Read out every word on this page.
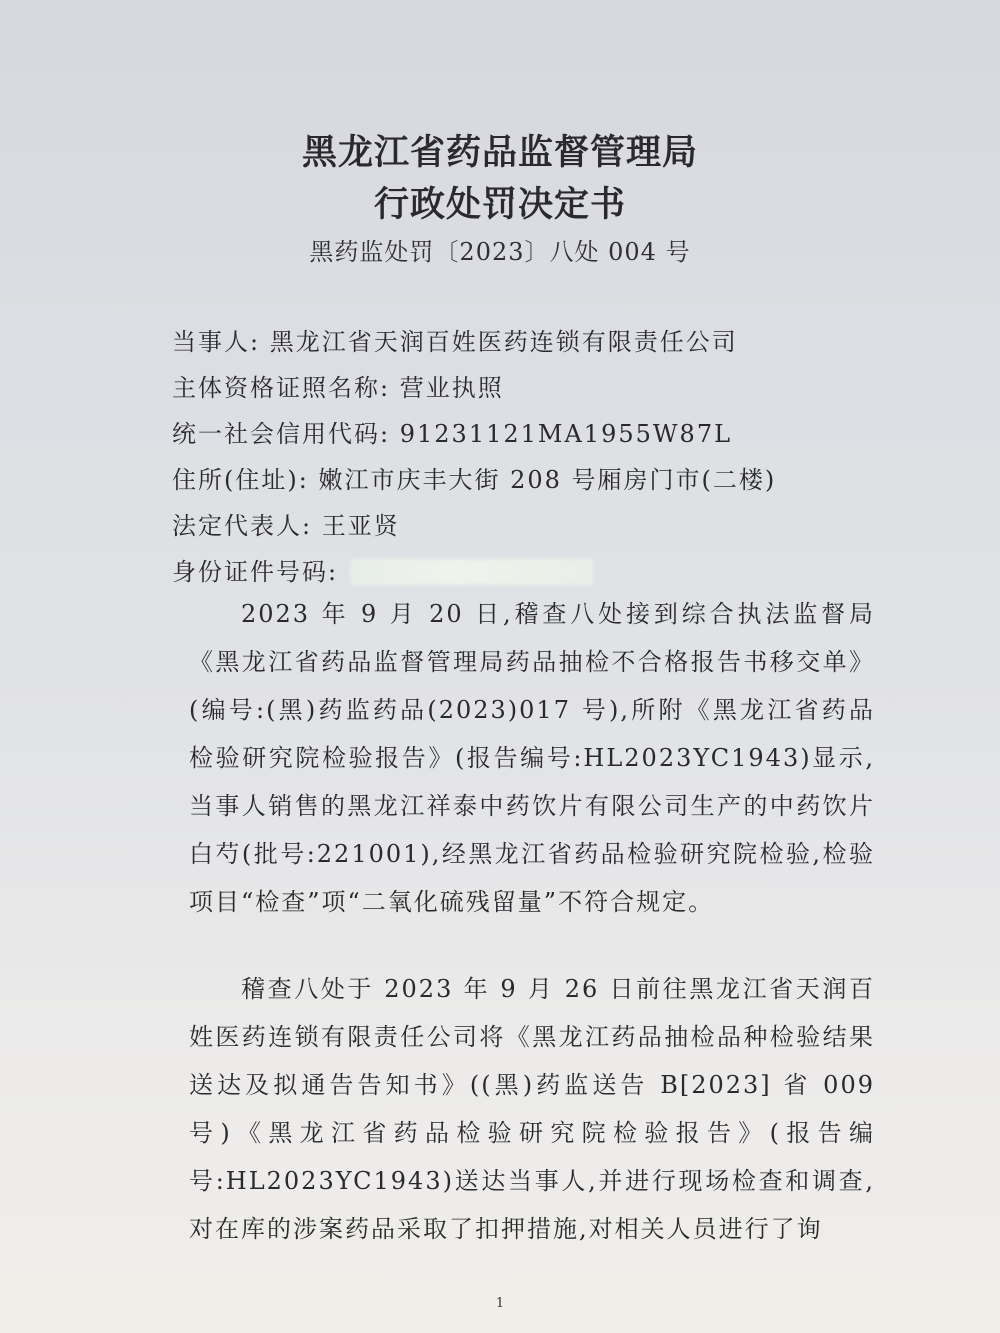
黑龙江省药品监督管理局
行政处罚决定书
黑药监处罚〔2023〕八处 004 号
当事人: 黑龙江省天润百姓医药连锁有限责任公司
主体资格证照名称: 营业执照
统一社会信用代码: 91231121MA1955W87L
住所(住址): 嫩江市庆丰大街 208 号厢房门市(二楼)
法定代表人: 王亚贤
身份证件号码:
2023 年 9 月 20 日,稽查八处接到综合执法监督局《黑龙江省药品监督管理局药品抽检不合格报告书移交单》(编号:(黑)药监药品(2023)017 号),所附《黑龙江省药品检验研究院检验报告》(报告编号:HL2023YC1943)显示,当事人销售的黑龙江祥泰中药饮片有限公司生产的中药饮片白芍(批号:221001),经黑龙江省药品检验研究院检验,检验项目“检查”项“二氧化硫残留量”不符合规定。
稽查八处于 2023 年 9 月 26 日前往黑龙江省天润百姓医药连锁有限责任公司将《黑龙江药品抽检品种检验结果送达及拟通告告知书》((黑)药监送告 B[2023] 省 009 号)《黑龙江省药品检验研究院检验报告》(报告编号:HL2023YC1943)送达当事人,并进行现场检查和调查,对在库的涉案药品采取了扣押措施,对相关人员进行了询
1
